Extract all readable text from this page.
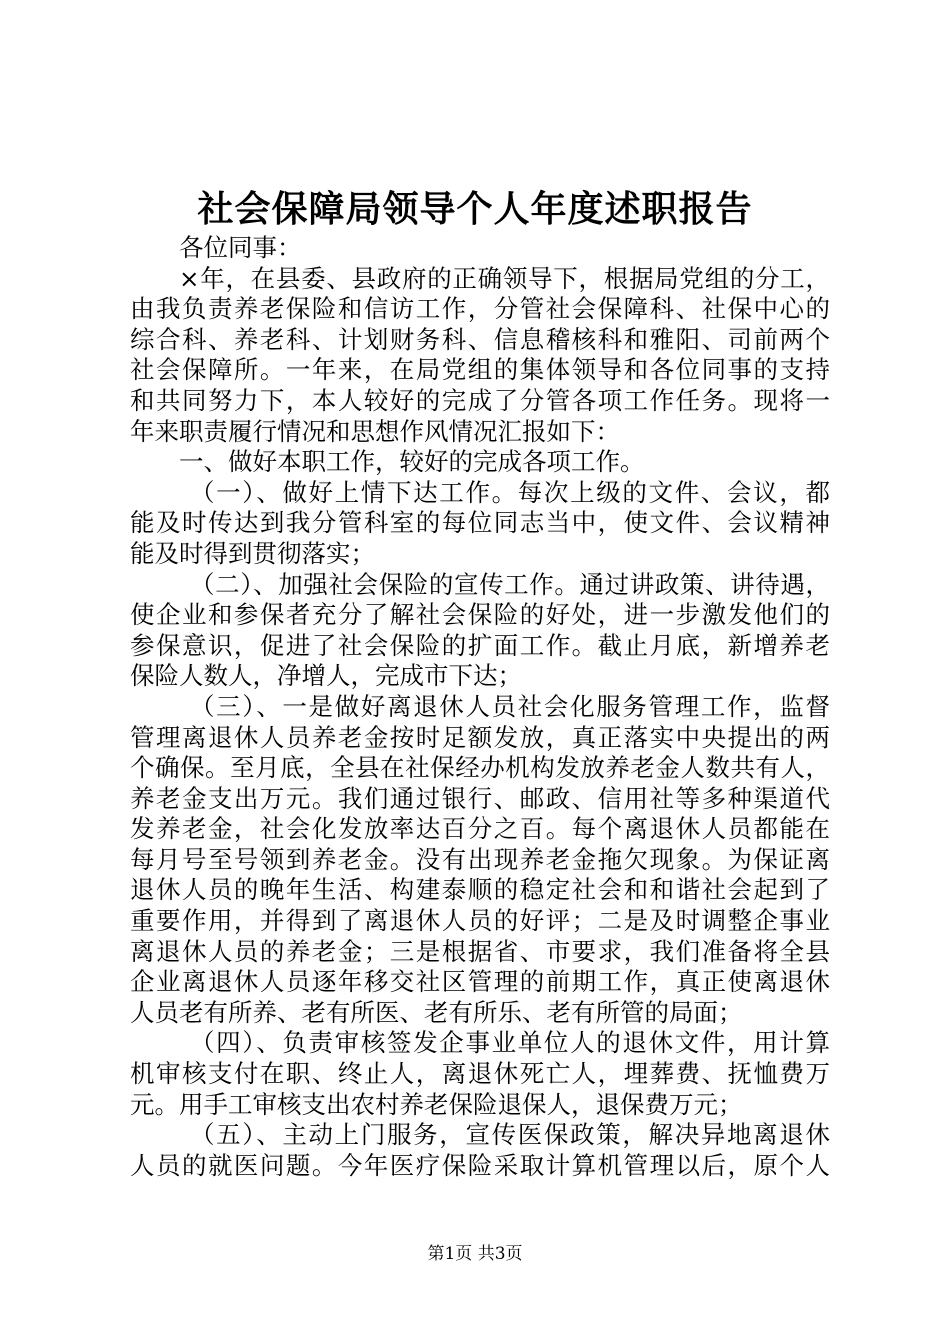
社会保障局领导个人年度述职报告
各位同事：
×年，在县委、县政府的正确领导下，根据局党组的分工，
由我负责养老保险和信访工作，分管社会保障科、社保中心的
综合科、养老科、计划财务科、信息稽核科和雅阳、司前两个
社会保障所。一年来，在局党组的集体领导和各位同事的支持
和共同努力下，本人较好的完成了分管各项工作任务。现将一
年来职责履行情况和思想作风情况汇报如下：
一、做好本职工作，较好的完成各项工作。
（一）、做好上情下达工作。每次上级的文件、会议，都
能及时传达到我分管科室的每位同志当中，使文件、会议精神
能及时得到贯彻落实；
（二）、加强社会保险的宣传工作。通过讲政策、讲待遇，
使企业和参保者充分了解社会保险的好处，进一步激发他们的
参保意识，促进了社会保险的扩面工作。截止月底，新增养老
保险人数人，净增人，完成市下达；
（三）、一是做好离退休人员社会化服务管理工作，监督
管理离退休人员养老金按时足额发放，真正落实中央提出的两
个确保。至月底，全县在社保经办机构发放养老金人数共有人，
养老金支出万元。我们通过银行、邮政、信用社等多种渠道代
发养老金，社会化发放率达百分之百。每个离退休人员都能在
每月号至号领到养老金。没有出现养老金拖欠现象。为保证离
退休人员的晚年生活、构建泰顺的稳定社会和和谐社会起到了
重要作用，并得到了离退休人员的好评；二是及时调整企事业
离退休人员的养老金；三是根据省、市要求，我们准备将全县
企业离退休人员逐年移交社区管理的前期工作，真正使离退休
人员老有所养、老有所医、老有所乐、老有所管的局面；
（四）、负责审核签发企事业单位人的退休文件，用计算
机审核支付在职、终止人，离退休死亡人，埋葬费、抚恤费万
元。用手工审核支出农村养老保险退保人，退保费万元；
（五）、主动上门服务，宣传医保政策，解决异地离退休
人员的就医问题。今年医疗保险采取计算机管理以后，原个人
第1页 共3页
